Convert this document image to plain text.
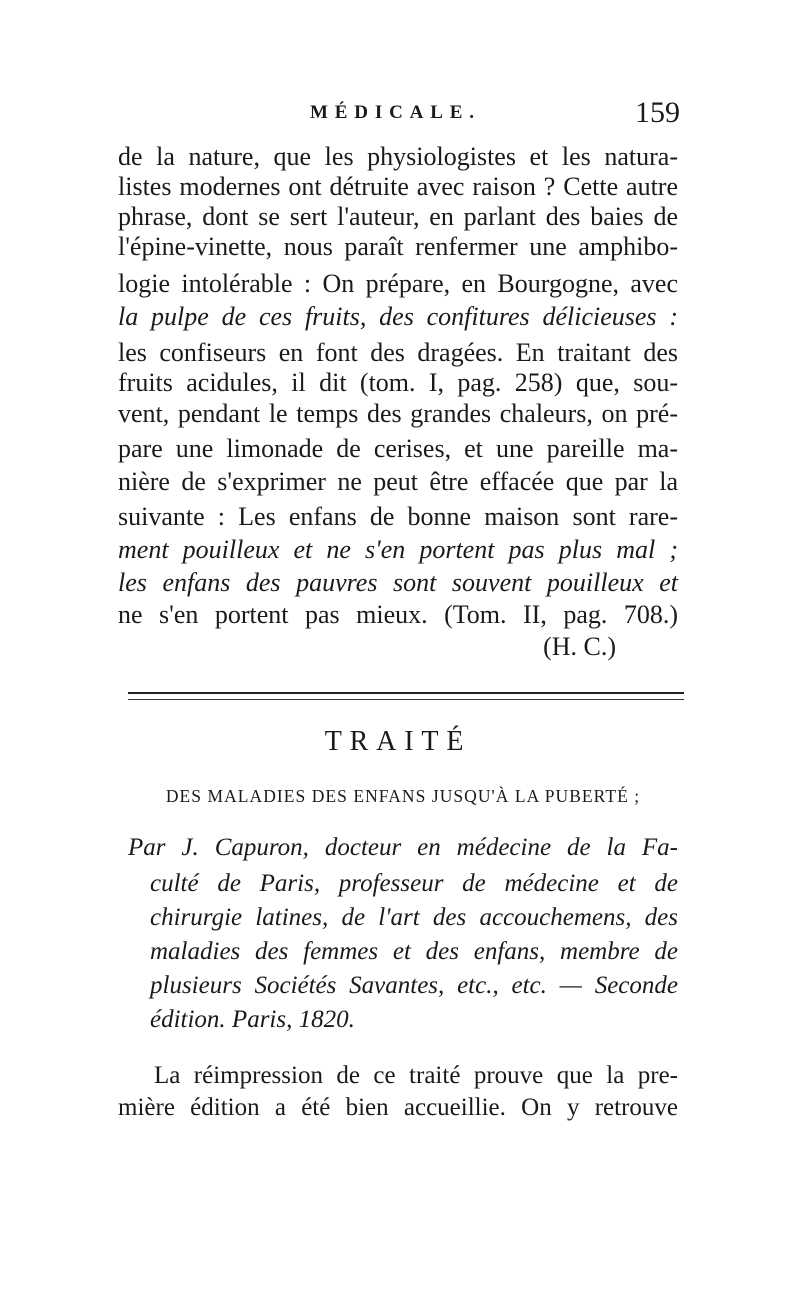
MÉDICALE.	159
de la nature, que les physiologistes et les natura-
listes modernes ont détruite avec raison ? Cette autre
phrase, dont se sert l'auteur, en parlant des baies de
l'épine-vinette, nous paraît renfermer une amphibo-
logie intolérable : On prépare, en Bourgogne, avec
la pulpe de ces fruits, des confitures délicieuses :
les confiseurs en font des dragées. En traitant des
fruits acidules, il dit (tom. I, pag. 258) que, sou-
vent, pendant le temps des grandes chaleurs, on pré-
pare une limonade de cerises, et une pareille ma-
nière de s'exprimer ne peut être effacée que par la
suivante : Les enfans de bonne maison sont rare-
ment pouilleux et ne s'en portent pas plus mal ;
les enfans des pauvres sont souvent pouilleux et
ne s'en portent pas mieux. (Tom. II, pag. 708.)
(H. C.)
TRAITÉ
DES MALADIES DES ENFANS JUSQU'À LA PUBERTÉ ;
Par J. Capuron, docteur en médecine de la Fa-
culté de Paris, professeur de médecine et de
chirurgie latines, de l'art des accouchemens, des
maladies des femmes et des enfans, membre de
plusieurs Sociétés Savantes, etc., etc. — Seconde
édition. Paris, 1820.
La réimpression de ce traité prouve que la pre-
mière édition a été bien accueillie. On y retrouve
